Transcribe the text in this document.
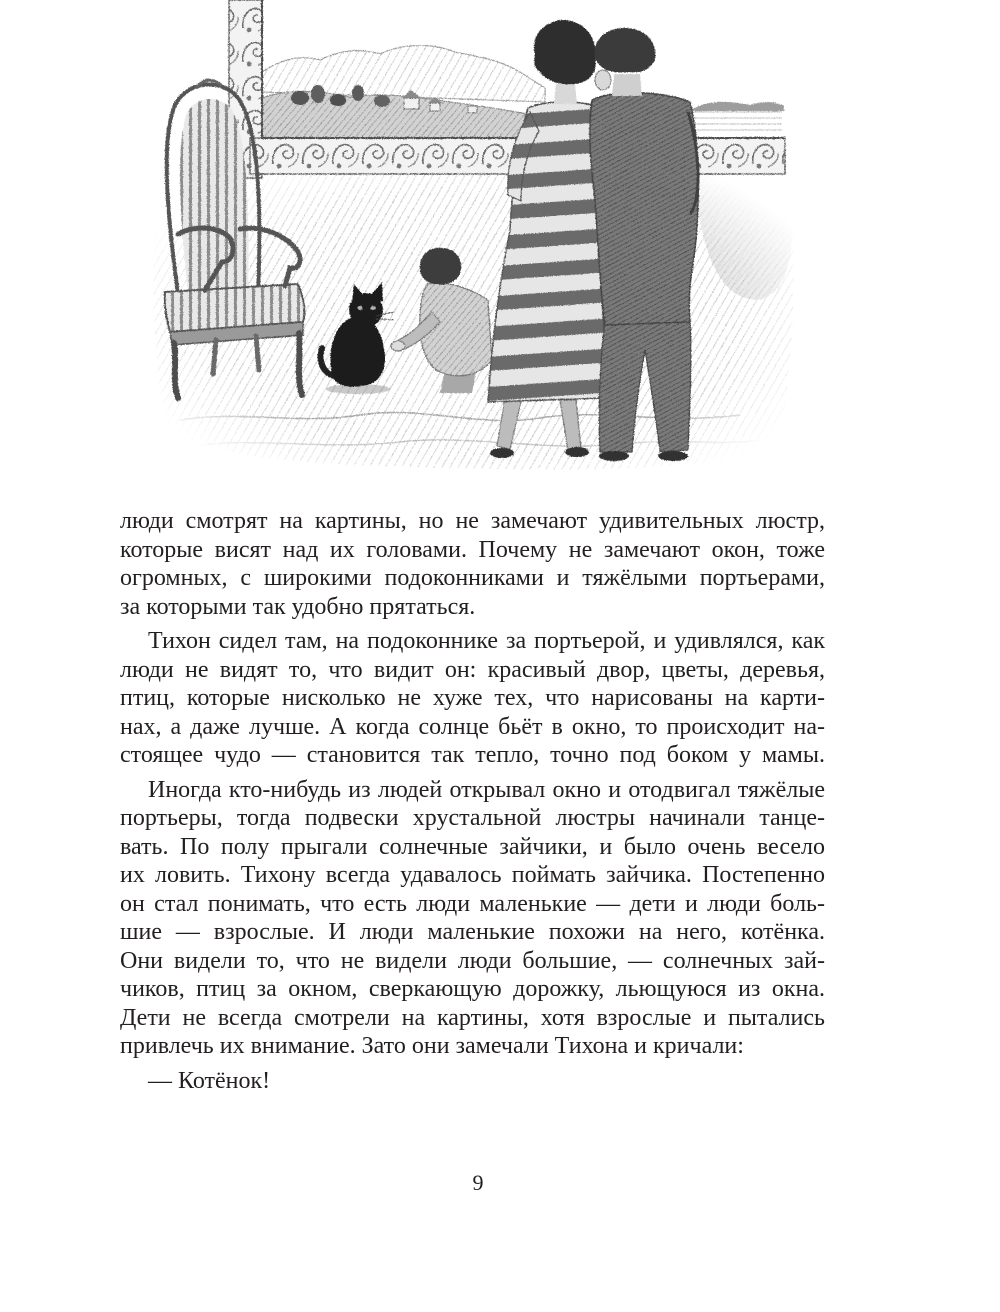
люди смотрят на картины, но не замечают удивительных люстр,
которые висят над их головами. Почему не замечают окон, тоже
огромных, с широкими подоконниками и тяжёлыми портьерами,
за которыми так удобно прятаться.
Тихон сидел там, на подоконнике за портьерой, и удивлялся, как
люди не видят то, что видит он: красивый двор, цветы, деревья,
птиц, которые нисколько не хуже тех, что нарисованы на карти-
нах, а даже лучше. А когда солнце бьёт в окно, то происходит на-
стоящее чудо — становится так тепло, точно под боком у мамы.
Иногда кто-нибудь из людей открывал окно и отодвигал тяжёлые
портьеры, тогда подвески хрустальной люстры начинали танце-
вать. По полу прыгали солнечные зайчики, и было очень весело
их ловить. Тихону всегда удавалось поймать зайчика. Постепенно
он стал понимать, что есть люди маленькие — дети и люди боль-
шие — взрослые. И люди маленькие похожи на него, котёнка.
Они видели то, что не видели люди большие, — солнечных зай-
чиков, птиц за окном, сверкающую дорожку, льющуюся из окна.
Дети не всегда смотрели на картины, хотя взрослые и пытались
привлечь их внимание. Зато они замечали Тихона и кричали:
— Котёнок!
9
